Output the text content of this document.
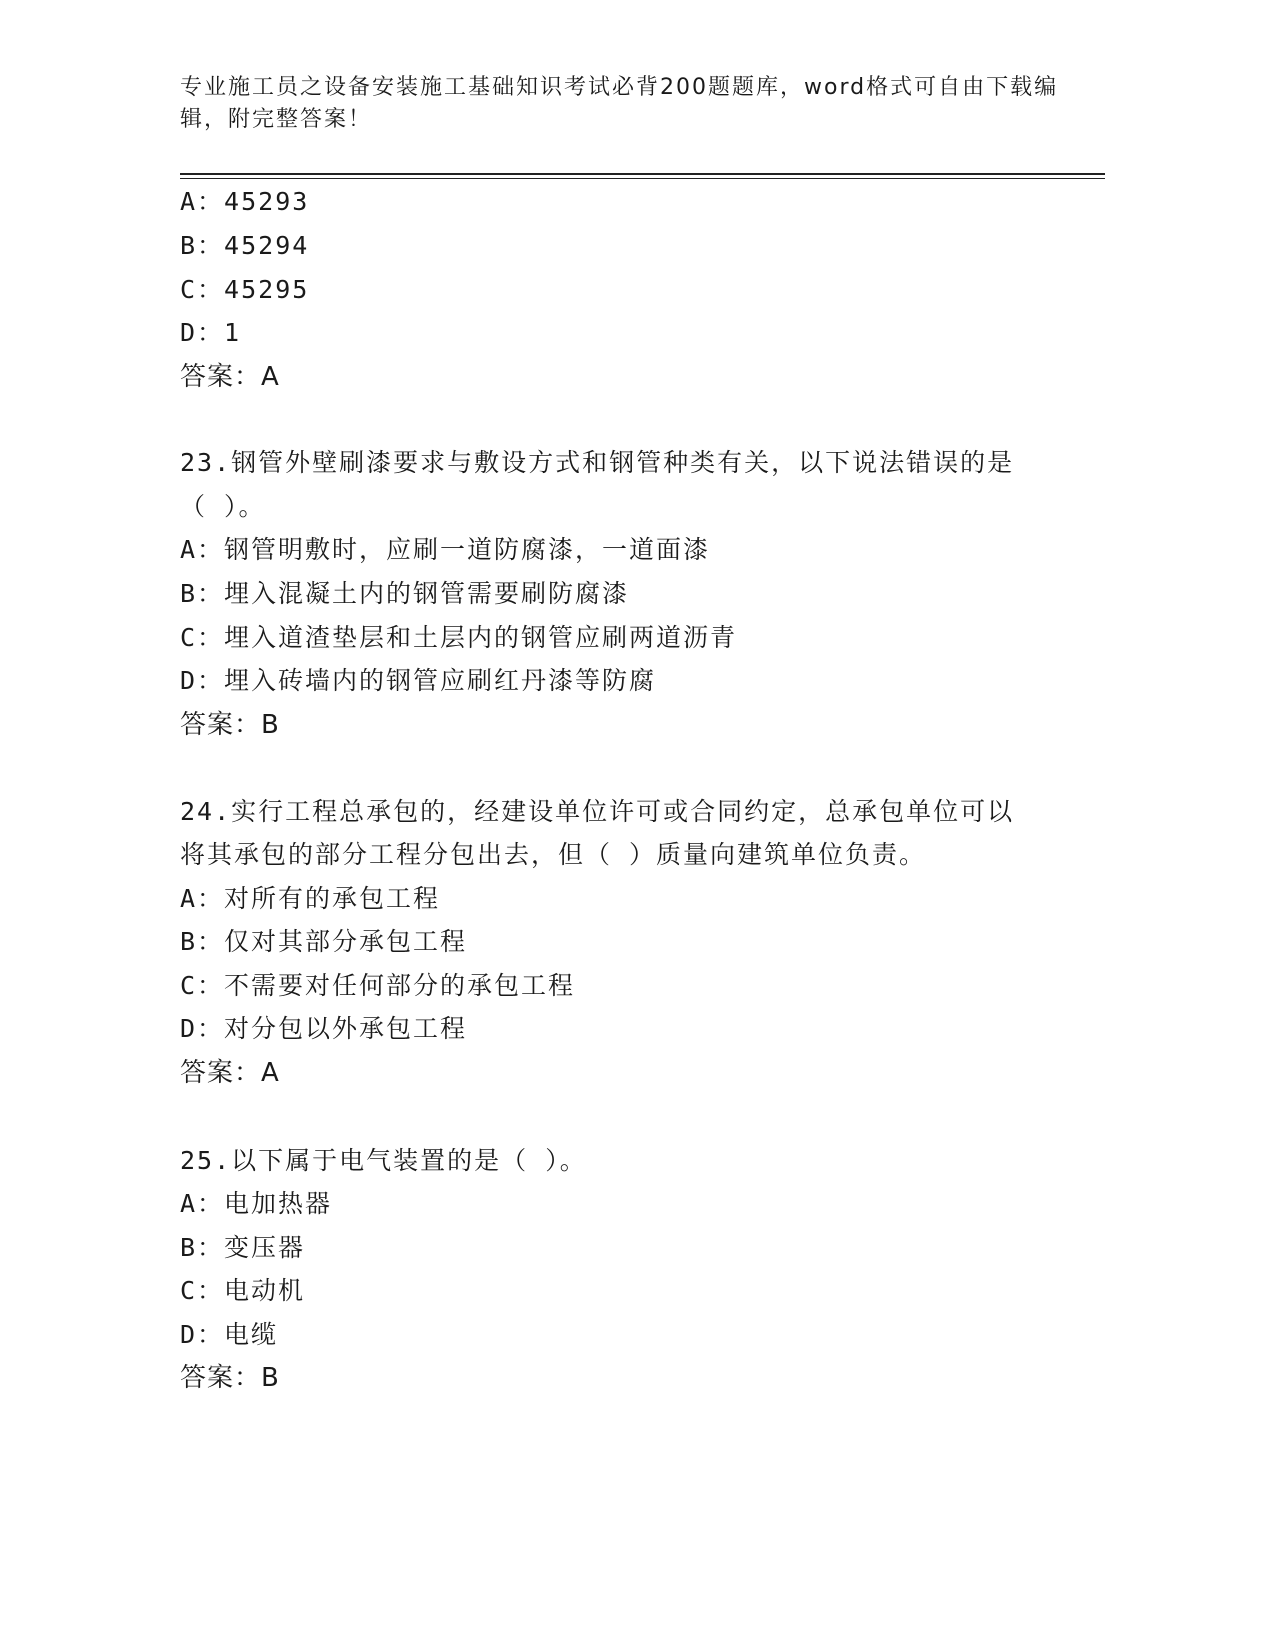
专业施工员之设备安装施工基础知识考试必背200题题库，word格式可自由下载编辑，附完整答案！
A：45293
B：45294
C：45295
D：1
答案：A
23.钢管外壁刷漆要求与敷设方式和钢管种类有关，以下说法错误的是
（ ）。
A：钢管明敷时，应刷一道防腐漆，一道面漆
B：埋入混凝土内的钢管需要刷防腐漆
C：埋入道渣垫层和土层内的钢管应刷两道沥青
D：埋入砖墙内的钢管应刷红丹漆等防腐
答案：B
24.实行工程总承包的，经建设单位许可或合同约定，总承包单位可以
将其承包的部分工程分包出去，但（ ）质量向建筑单位负责。
A：对所有的承包工程
B：仅对其部分承包工程
C：不需要对任何部分的承包工程
D：对分包以外承包工程
答案：A
25.以下属于电气装置的是（ ）。
A：电加热器
B：变压器
C：电动机
D：电缆
答案：B
